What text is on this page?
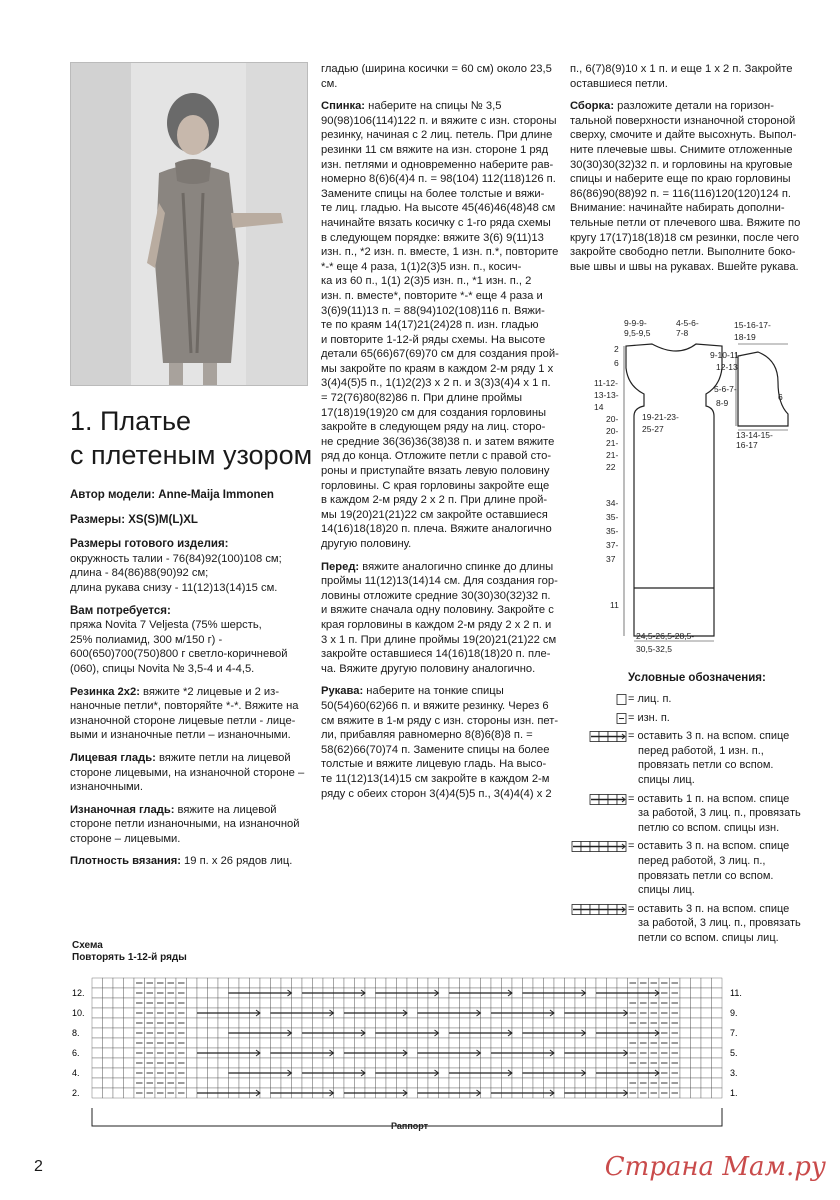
1. Платье
с плетеным узором

Автор модели: Anne-Maija Immonen

Размеры: XS(S)M(L)XL

Размеры готового изделия:

окружность талии - 76(84)92(100)108 см;

длина - 84(86)88(90)92 см;

длина рукава снизу - 11(12)13(14)15 см.

Вам потребуется:

пряжа Novita 7 Veljesta (75% шерсть,

25% полиамид, 300 м/150 г) -

600(650)700(750)800 г светло-коричневой

(060), спицы Novita № 3,5-4 и 4-4,5.

Резинка 2х2: вяжите *2 лицевые и 2 из-

наночные петли*, повторяйте *-*. Вяжите на

изнаночной стороне лицевые петли - лице-

выми и изнаночные петли – изнаночными.

Лицевая гладь: вяжите петли на лицевой

стороне лицевыми, на изнаночной стороне –

изнаночными.

Изнаночная гладь: вяжите на лицевой

стороне петли изнаночными, на изнаночной

стороне – лицевыми.

Плотность вязания: 19 п. х 26 рядов лиц.

гладью (ширина косички = 60 см) около 23,5

см.

Спинка: наберите на спицы № 3,5

90(98)106(114)122 п. и вяжите с изн. стороны

резинку, начиная с 2 лиц. петель. При длине

резинки 11 см вяжите на изн. стороне 1 ряд

изн. петлями и одновременно наберите рав-

номерно 8(6)6(4)4 п. = 98(104) 112(118)126 п.

Замените спицы на более толстые и вяжи-

те лиц. гладью. На высоте 45(46)46(48)48 см

начинайте вязать косичку с 1-го ряда схемы

в следующем порядке: вяжите 3(6) 9(11)13

изн. п., *2 изн. п. вместе, 1 изн. п.*, повторите

*-* еще 4 раза, 1(1)2(3)5 изн. п., косич-

ка из 60 п., 1(1) 2(3)5 изн. п., *1 изн. п., 2

изн. п. вместе*, повторите *-* еще 4 раза и

3(6)9(11)13 п. = 88(94)102(108)116 п. Вяжи-

те по краям 14(17)21(24)28 п. изн. гладью

и повторите 1-12-й ряды схемы. На высоте

детали 65(66)67(69)70 см для создания прой-

мы закройте по краям в каждом 2-м ряду 1 х

3(4)4(5)5 п., 1(1)2(2)3 х 2 п. и 3(3)3(4)4 х 1 п.

= 72(76)80(82)86 п. При длине проймы

17(18)19(19)20 см для создания горловины

закройте в следующем ряду на лиц. сторо-

не средние 36(36)36(38)38 п. и затем вяжите

ряд до конца. Отложите петли с правой сто-

роны и приступайте вязать левую половину

горловины. С края горловины закройте еще

в каждом 2-м ряду 2 х 2 п. При длине прой-

мы 19(20)21(21)22 см закройте оставшиеся

14(16)18(18)20 п. плеча. Вяжите аналогично

другую половину.

Перед: вяжите аналогично спинке до длины

проймы 11(12)13(14)14 см. Для создания гор-

ловины отложите средние 30(30)30(32)32 п.

и вяжите сначала одну половину. Закройте с

края горловины в каждом 2-м ряду 2 х 2 п. и

3 х 1 п. При длине проймы 19(20)21(21)22 см

закройте оставшиеся 14(16)18(18)20 п. пле-

ча. Вяжите другую половину аналогично.

Рукава: наберите на тонкие спицы

50(54)60(62)66 п. и вяжите резинку. Через 6

см вяжите в 1-м ряду с изн. стороны изн. пет-

ли, прибавляя равномерно 8(8)6(8)8 п. =

58(62)66(70)74 п. Замените спицы на более

толстые и вяжите лицевую гладь. На высо-

те 11(12)13(14)15 см закройте в каждом 2-м

ряду с обеих сторон 3(4)4(5)5 п., 3(4)4(4) х 2

п., 6(7)8(9)10 х 1 п. и еще 1 х 2 п. Закройте

оставшиеся петли.

Сборка: разложите детали на горизон-

тальной поверхности изнаночной стороной

сверху, смочите и дайте высохнуть. Выпол-

ните плечевые швы. Снимите отложенные

30(30)30(32)32 п. и горловины на круговые

спицы и наберите еще по краю горловины

86(86)90(88)92 п. = 116(116)120(120)124 п.

Внимание: начинайте набирать дополни-

тельные петли от плечевого шва. Вяжите по

кругу 17(17)18(18)18 см резинки, после чего

закройте свободно петли. Выполните боко-

вые швы и швы на рукавах. Вшейте рукава.

9-9-9-
9,5-9,5
4-5-6-
7-8
2
6
11-12-
13-13-
14
20-
20-
21-
21-
22
19-21-23-
25-27
34-
35-
35-
37-
37
11
24,5-26,5-28,5-
30,5-32,5
15-16-17-
18-19
9-10-11-
12-13
5-6-7-
8-9
6
13-14-15-
16-17
Условные обозначения:
= лиц. п.
= изн. п.
= оставить 3 п. на вспом. спице
перед работой, 1 изн. п.,
провязать петли со вспом.
спицы лиц.
= оставить 1 п. на вспом. спице
за работой, 3 лиц. п., провязать
петлю со вспом. спицы изн.
= оставить 3 п. на вспом. спице
перед работой, 3 лиц. п.,
провязать петли со вспом.
спицы лиц.
= оставить 3 п. на вспом. спице
за работой, 3 лиц. п., провязать
петли со вспом. спицы лиц.
Схема
Повторять 1-12-й ряды
12.
10.
8.
6.
4.
2.
11.
9.
7.
5.
3.
1.
Раппорт
2	Страна Мам.ру
